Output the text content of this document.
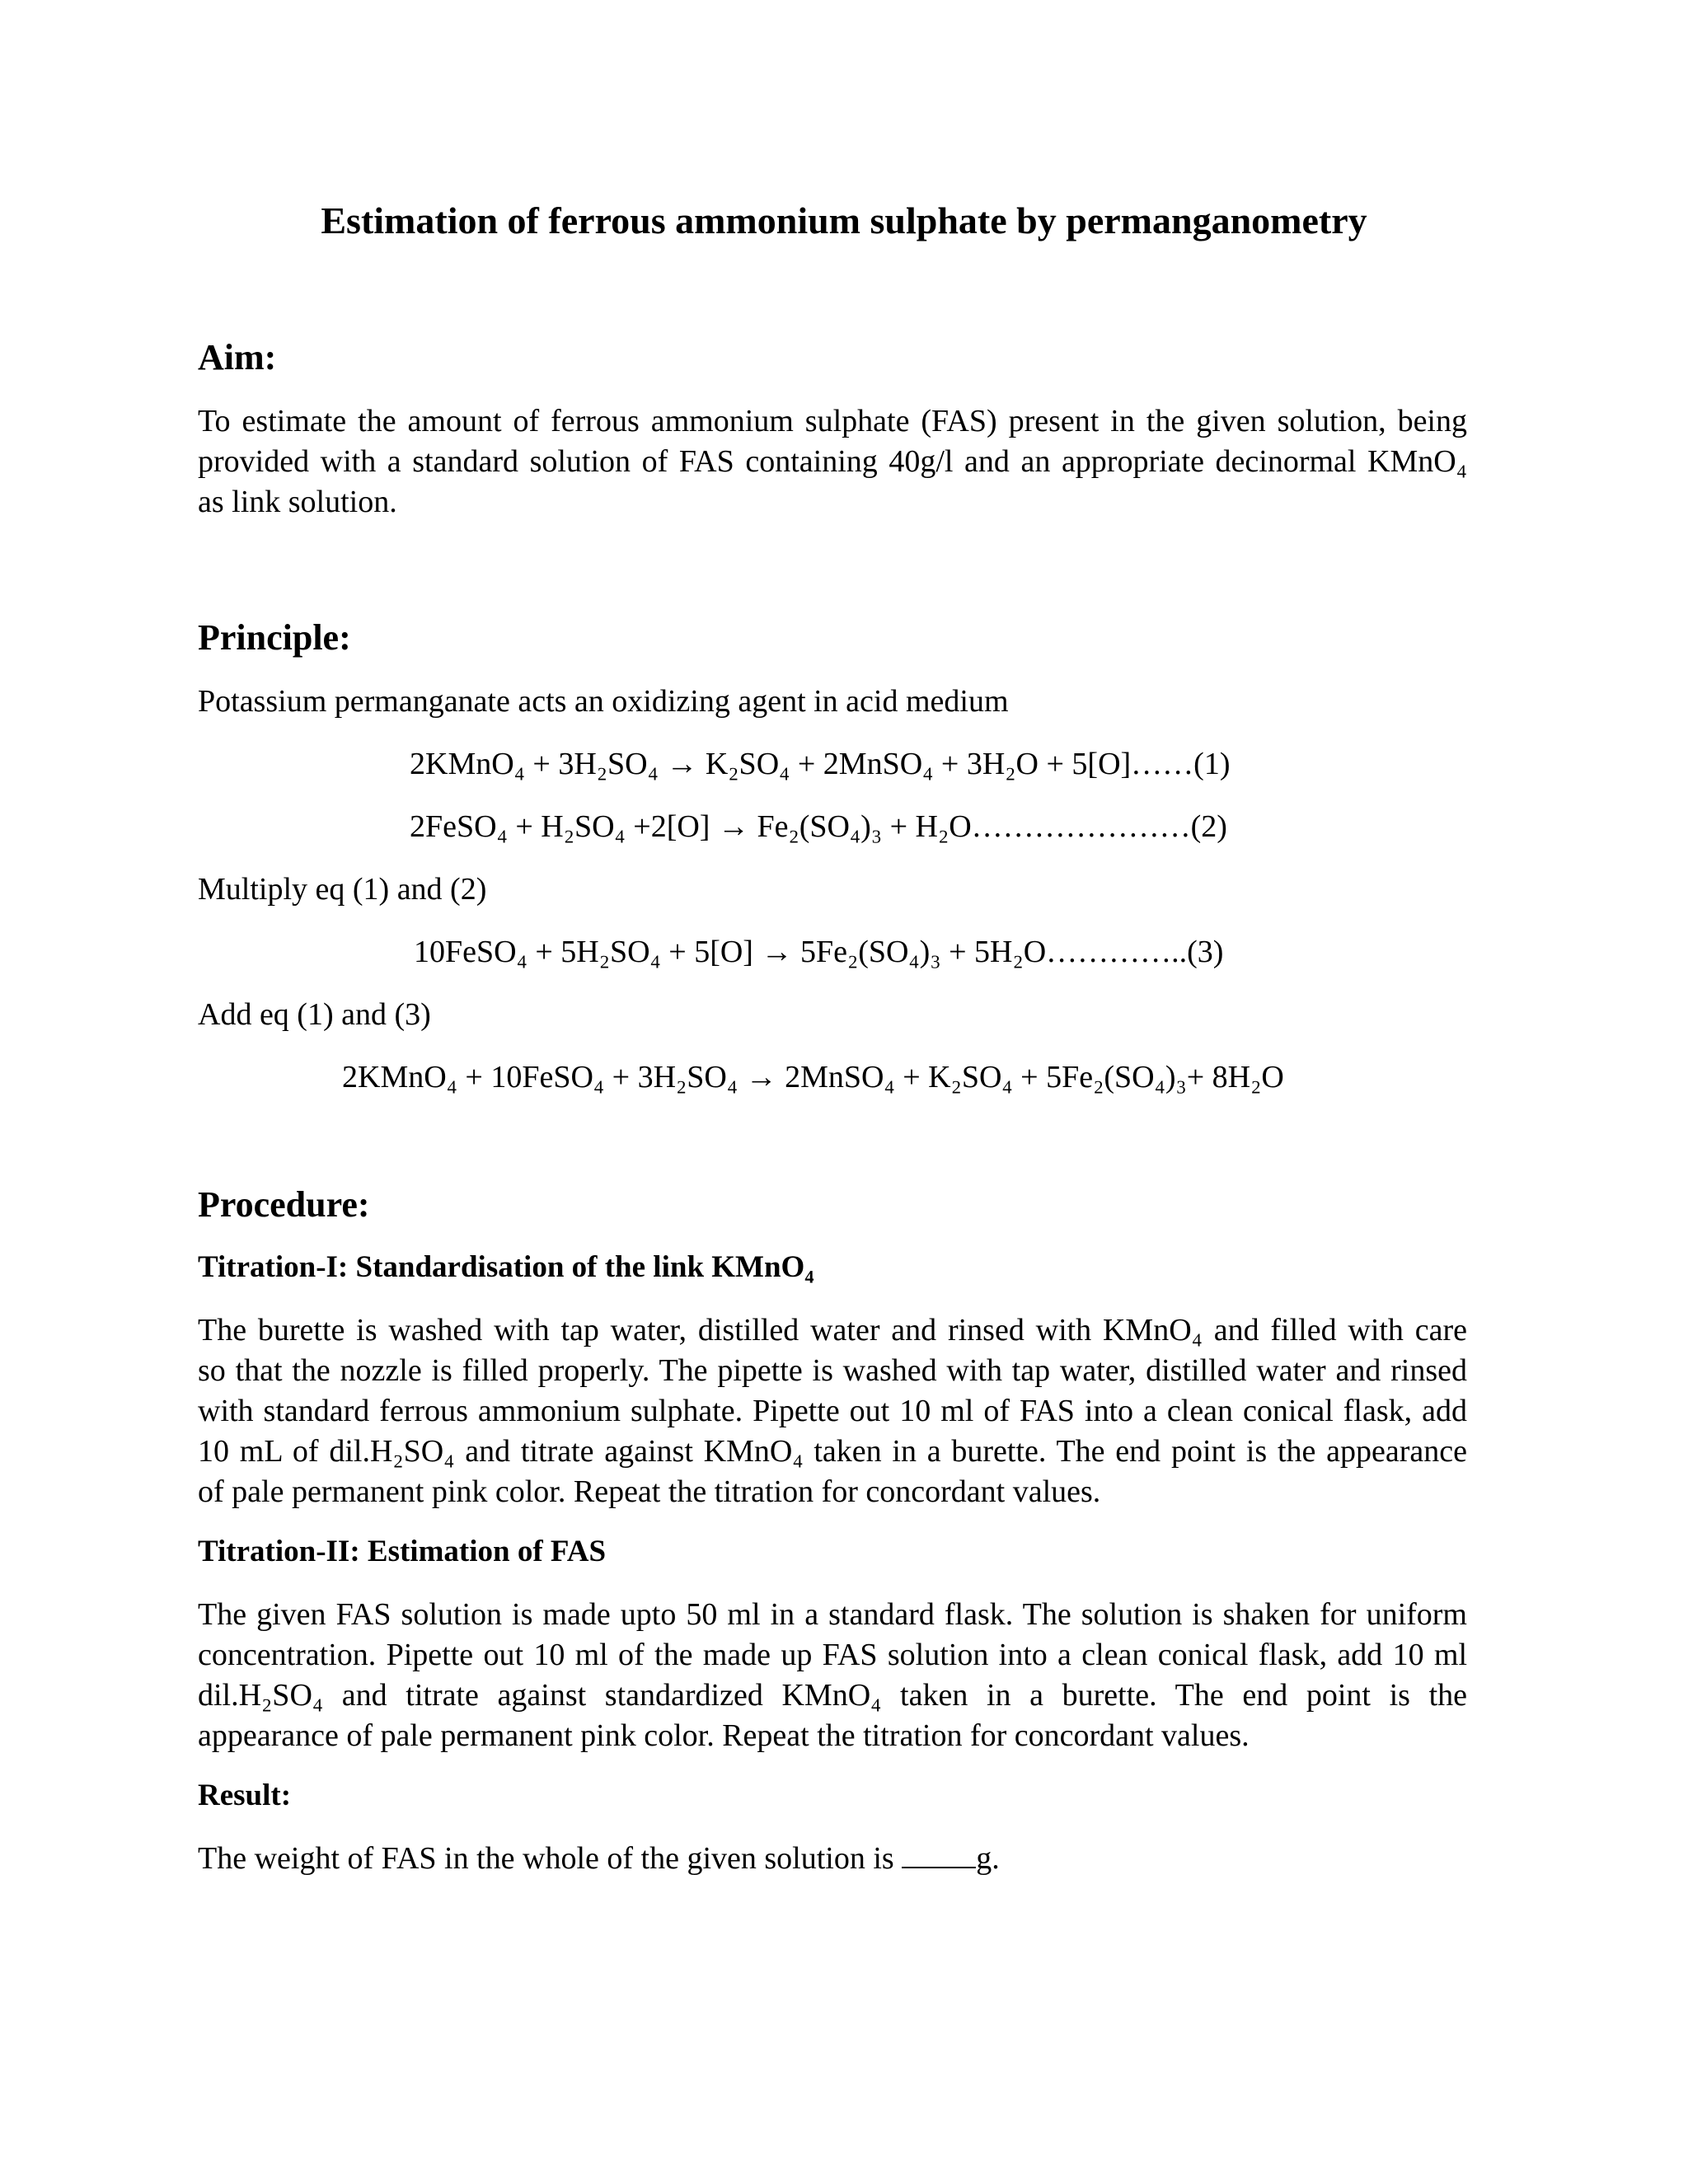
Estimation of ferrous ammonium sulphate by permanganometry
Aim:
To estimate the amount of ferrous ammonium sulphate (FAS) present in the given solution, being
provided with a standard solution of FAS containing 40g/l and an appropriate decinormal KMnO₄
as link solution.
Principle:
Potassium permanganate acts an oxidizing agent in acid medium
2KMnO₄ + 3H₂SO₄ → K₂SO₄ + 2MnSO₄ + 3H₂O + 5[O]……(1)
2FeSO₄ + H₂SO₄ +2[O] → Fe₂(SO₄)₃ + H₂O…………………(2)
Multiply eq (1) and (2)
10FeSO₄ + 5H₂SO₄ + 5[O] → 5Fe₂(SO₄)₃ + 5H₂O…………..(3)
Add eq (1) and (3)
2KMnO₄ + 10FeSO₄ + 3H₂SO₄ → 2MnSO₄ + K₂SO₄ + 5Fe₂(SO₄)₃+ 8H₂O
Procedure:
Titration-I: Standardisation of the link KMnO₄
The burette is washed with tap water, distilled water and rinsed with KMnO₄ and filled with care
so that the nozzle is filled properly. The pipette is washed with tap water, distilled water and rinsed
with standard ferrous ammonium sulphate. Pipette out 10 ml of FAS into a clean conical flask, add
10 mL of dil.H₂SO₄ and titrate against KMnO₄ taken in a burette. The end point is the appearance
of pale permanent pink color. Repeat the titration for concordant values.
Titration-II: Estimation of FAS
The given FAS solution is made upto 50 ml in a standard flask. The solution is shaken for uniform
concentration. Pipette out 10 ml of the made up FAS solution into a clean conical flask, add 10 ml
dil.H₂SO₄ and titrate against standardized KMnO₄ taken in a burette. The end point is the
appearance of pale permanent pink color. Repeat the titration for concordant values.
Result:
The weight of FAS in the whole of the given solution is g.
